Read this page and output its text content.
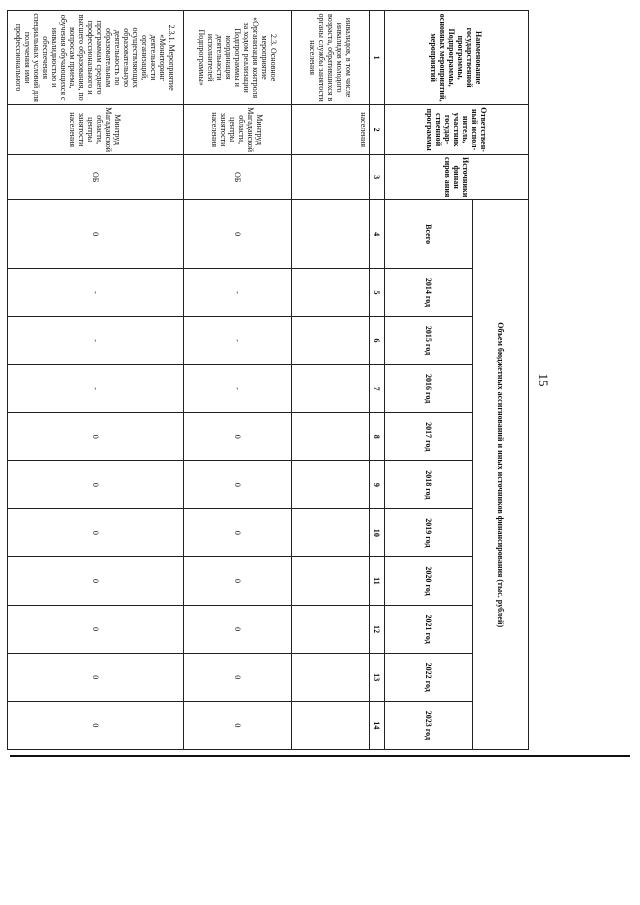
15
Наименование государственной программы, Подпрограммы, основных мероприятий, мероприятий	Ответствен-ный испол-нитель, участник государ-ственной программы	Источники финан сиров ания	Объем бюджетных ассигнований и иных источников финансирования (тыс. рублей)										
			Всего	2014 год	2015 год	2016 год	2017 год	2018 год	2019 год	2020 год	2021 год	2022 год	2023 год
1	2	3	4	5	6	7	8	9	10	11	12	13	14
инвалидов, в том числе инвалидов молодого возраста, обратившихся в органы службы занятости населения	населения												
2.3. Основное мероприятие «Организация контроля за ходом реализации Подпрограммы и координация деятельности исполнителей Подпрограммы»	Минтруд Магаданской области, центры занятости населения	ОБ	0	-	-	-	0	0	0	0	0	0	0
2.3.1. Мероприятие «Мониторинг деятельности организаций, осуществляющих образовательную деятельность по образовательным программам среднего профессионального и высшего образования, по вопросам приема, обучения обучающихся с инвалидностью и обеспечения специальных условий для получения ими профессионального	Минтруд Магаданской области, центры занятости населения	ОБ	0	-	-	-	0	0	0	0	0	0	0
